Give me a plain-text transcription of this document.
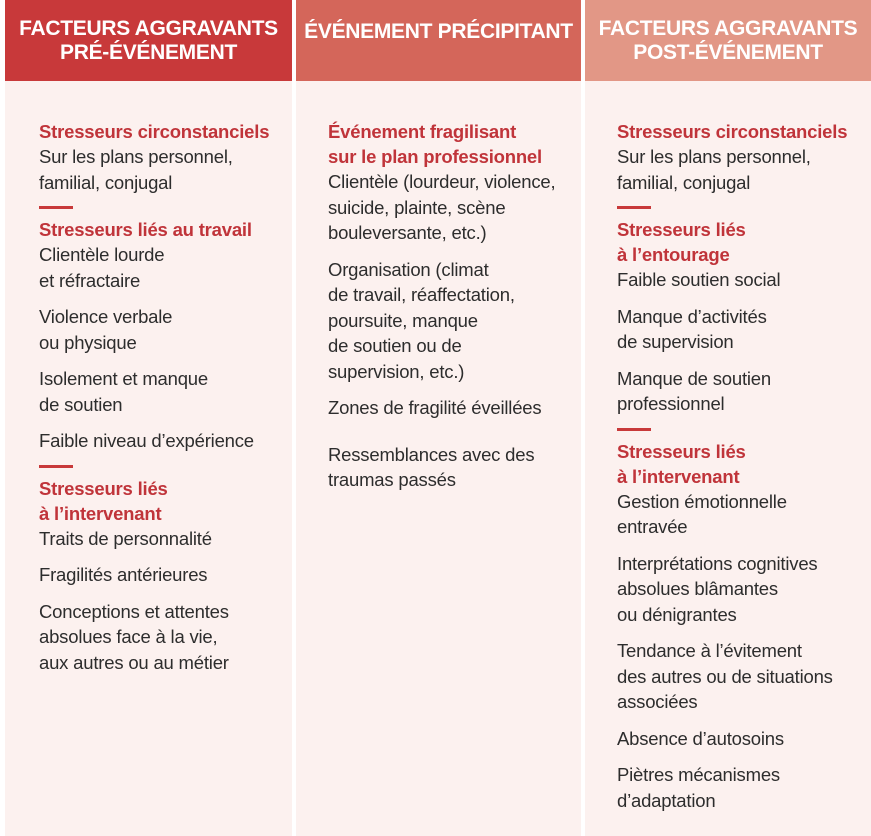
FACTEURS AGGRAVANTS
PRÉ-ÉVÉNEMENT
Stresseurs circonstanciels
Sur les plans personnel,
familial, conjugal
Stresseurs liés au travail
Clientèle lourde
et réfractaire
Violence verbale
ou physique
Isolement et manque
de soutien
Faible niveau d’expérience
Stresseurs liés
à l’intervenant
Traits de personnalité
Fragilités antérieures
Conceptions et attentes
absolues face à la vie,
aux autres ou au métier
ÉVÉNEMENT PRÉCIPITANT
Événement fragilisant
sur le plan professionnel
Clientèle (lourdeur, violence,
suicide, plainte, scène
bouleversante, etc.)
Organisation (climat
de travail, réaffectation,
poursuite, manque
de soutien ou de
supervision, etc.)
Zones de fragilité éveillées
Ressemblances avec des
traumas passés
FACTEURS AGGRAVANTS
POST-ÉVÉNEMENT
Stresseurs circonstanciels
Sur les plans personnel,
familial, conjugal
Stresseurs liés
à l’entourage
Faible soutien social
Manque d’activités
de supervision
Manque de soutien
professionnel
Stresseurs liés
à l’intervenant
Gestion émotionnelle
entravée
Interprétations cognitives
absolues blâmantes
ou dénigrantes
Tendance à l’évitement
des autres ou de situations
associées
Absence d’autosoins
Piètres mécanismes
d’adaptation
